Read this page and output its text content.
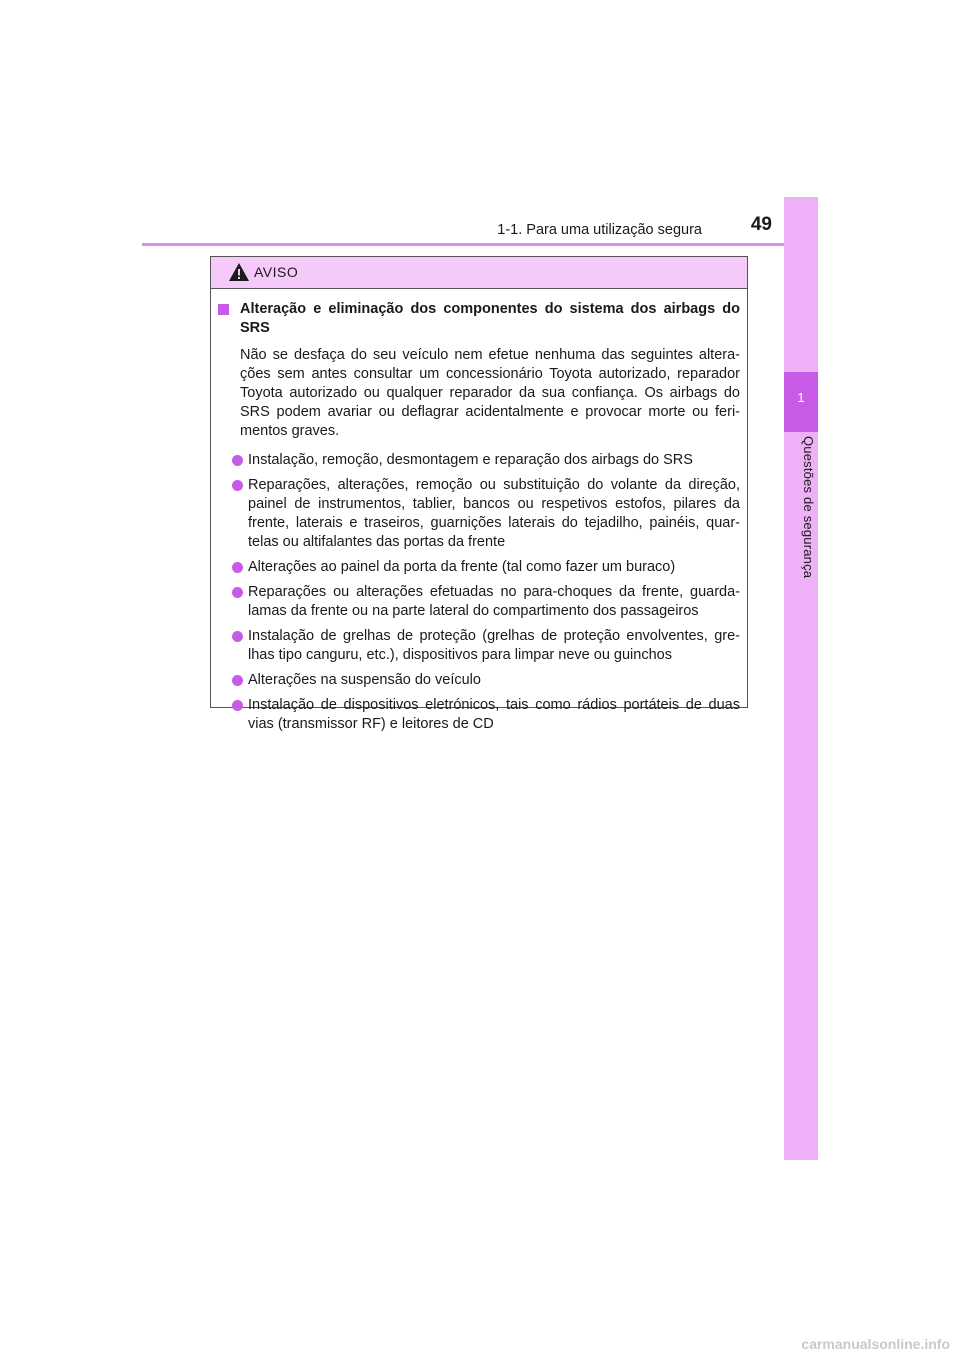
1-1. Para uma utilização segura	49
1
Questões de segurança
AVISO
Alteração e eliminação dos componentes do sistema dos airbags do SRS
Não se desfaça do seu veículo nem efetue nenhuma das seguintes altera-ções sem antes consultar um concessionário Toyota autorizado, reparador Toyota autorizado ou qualquer reparador da sua confiança. Os airbags do SRS podem avariar ou deflagrar acidentalmente e provocar morte ou feri-mentos graves.
Instalação, remoção, desmontagem e reparação dos airbags do SRS
Reparações, alterações, remoção ou substituição do volante da direção, painel de instrumentos, tablier, bancos ou respetivos estofos, pilares da frente, laterais e traseiros, guarnições laterais do tejadilho, painéis, quar-telas ou altifalantes das portas da frente
Alterações ao painel da porta da frente (tal como fazer um buraco)
Reparações ou alterações efetuadas no para-choques da frente, guarda-lamas da frente ou na parte lateral do compartimento dos passageiros
Instalação de grelhas de proteção (grelhas de proteção envolventes, gre-lhas tipo canguru, etc.), dispositivos para limpar neve ou guinchos
Alterações na suspensão do veículo
Instalação de dispositivos eletrónicos, tais como rádios portáteis de duas vias (transmissor RF) e leitores de CD
carmanualsonline.info
